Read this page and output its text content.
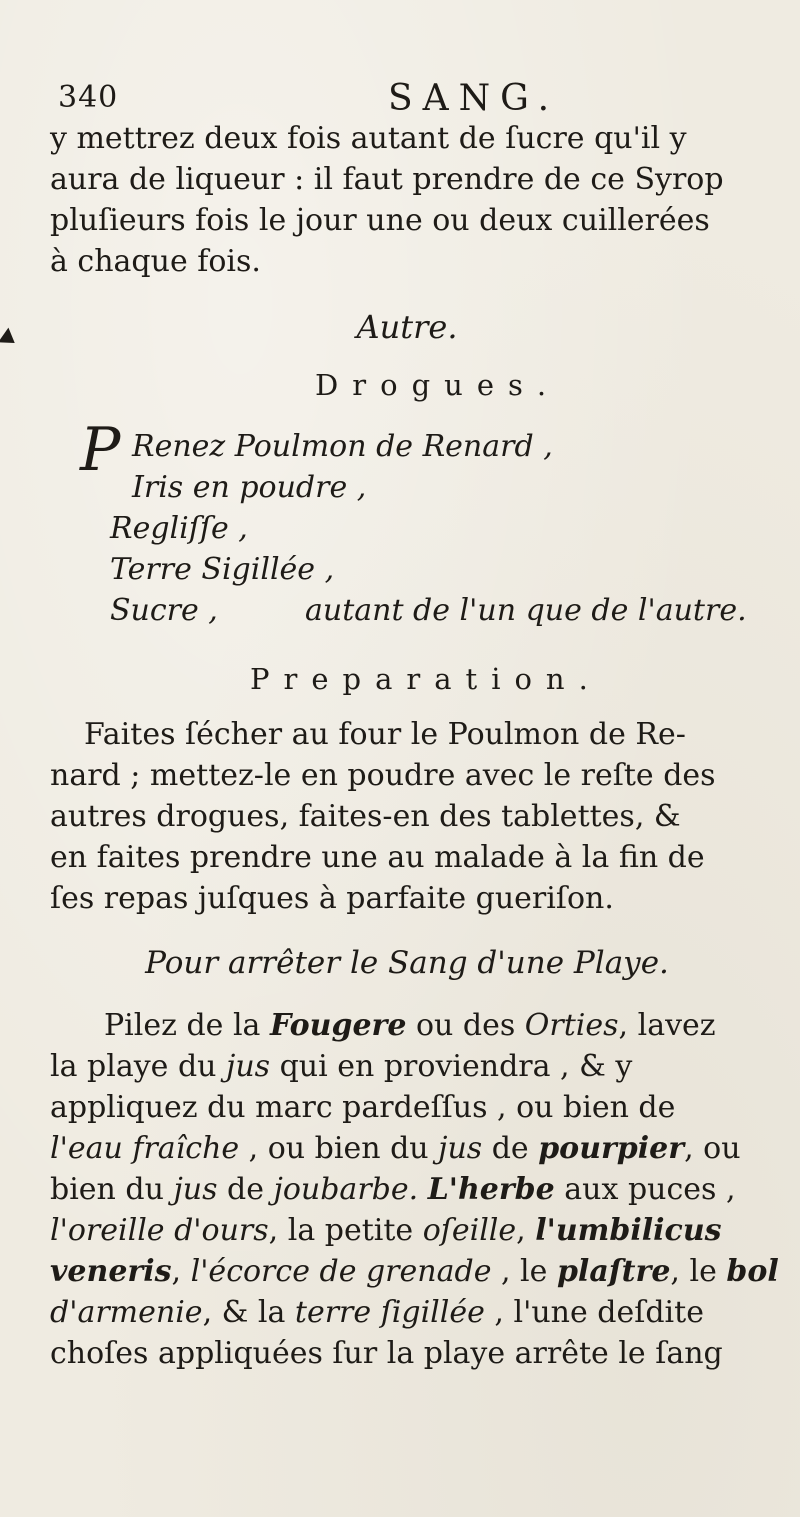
340	SANG.
y mettrez deux fois autant de ſucre qu'il y
aura de liqueur : il faut prendre de ce Syrop
pluſieurs fois le jour une ou deux cuillerées
à chaque fois.
Autre.
Drogues.
P Renez Poulmon de Renard ,
Iris en poudre ,
Regliſſe ,
Terre Sigillée ,
Sucre ,	autant de l'un que de l'autre.
Preparation.
Faites ſécher au four le Poulmon de Re-
nard ; mettez-le en poudre avec le reſte des
autres drogues, faites-en des tablettes, &
en faites prendre une au malade à la fin de
ſes repas juſques à parfaite gueriſon.
Pour arrêter le Sang d'une Playe.
Pilez de la Fougere ou des Orties, lavez
la playe du jus qui en proviendra , & y
appliquez du marc pardeſſus , ou bien de
l'eau fraîche , ou bien du jus de pourpier, ou
bien du jus de joubarbe. L'herbe aux puces ,
l'oreille d'ours, la petite oſeille, l'umbilicus
veneris, l'écorce de grenade , le plaſtre, le bol
d'armenie, & la terre ſigillée , l'une deſdite
choſes appliquées ſur la playe arrête le ſang
